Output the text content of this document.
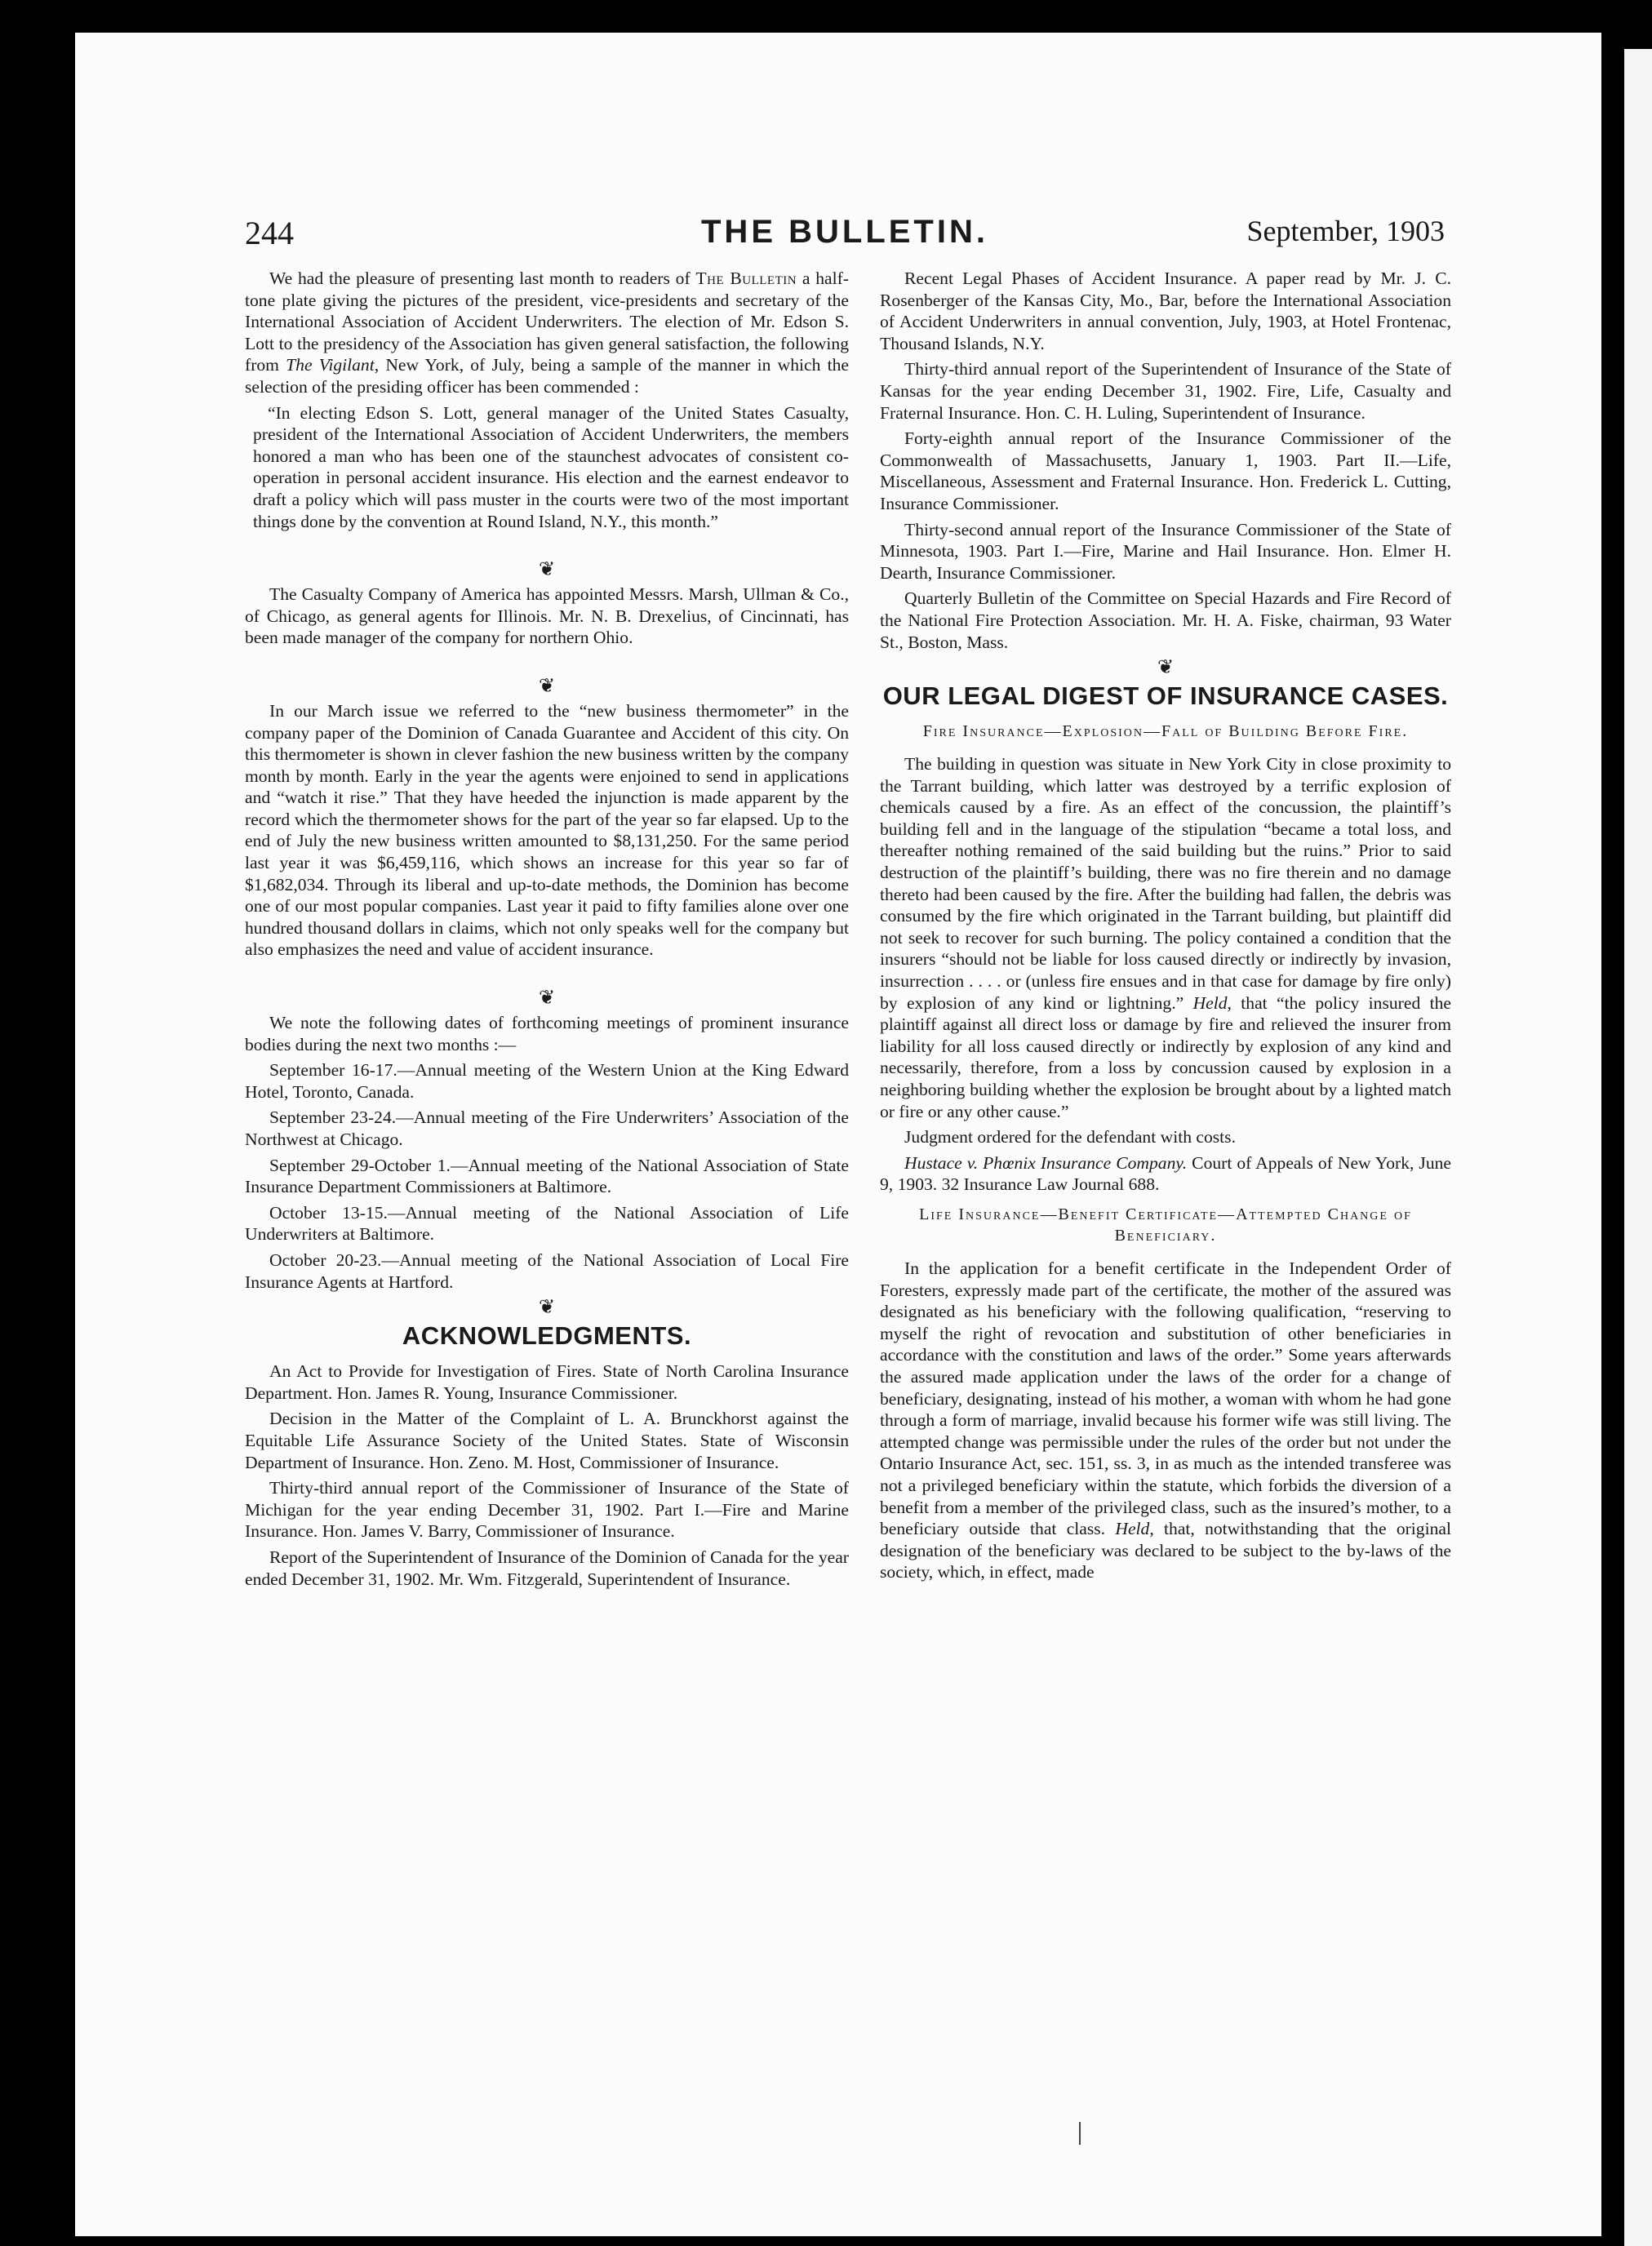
244	THE BULLETIN.	September, 1903

We had the pleasure of presenting last month to readers of The Bulletin a half-tone plate giving the pictures of the president, vice-presidents and secretary of the International Association of Accident Underwriters. The election of Mr. Edson S. Lott to the presidency of the Association has given general satisfaction, the following from The Vigilant, New York, of July, being a sample of the manner in which the selection of the presiding officer has been commended :

“In electing Edson S. Lott, general manager of the United States Casualty, president of the International Association of Accident Underwriters, the members honored a man who has been one of the staunchest advocates of consistent co-operation in personal accident insurance. His election and the earnest endeavor to draft a policy which will pass muster in the courts were two of the most important things done by the convention at Round Island, N.Y., this month.”

❦

The Casualty Company of America has appointed Messrs. Marsh, Ullman & Co., of Chicago, as general agents for Illinois. Mr. N. B. Drexelius, of Cincinnati, has been made manager of the company for northern Ohio.

❦

In our March issue we referred to the “new business thermometer” in the company paper of the Dominion of Canada Guarantee and Accident of this city. On this thermometer is shown in clever fashion the new business written by the company month by month. Early in the year the agents were enjoined to send in applications and “watch it rise.” That they have heeded the injunction is made apparent by the record which the thermometer shows for the part of the year so far elapsed. Up to the end of July the new business written amounted to $8,131,250. For the same period last year it was $6,459,116, which shows an increase for this year so far of $1,682,034. Through its liberal and up-to-date methods, the Dominion has become one of our most popular companies. Last year it paid to fifty families alone over one hundred thousand dollars in claims, which not only speaks well for the company but also emphasizes the need and value of accident insurance.

❦

We note the following dates of forthcoming meetings of prominent insurance bodies during the next two months :—

September 16-17.—Annual meeting of the Western Union at the King Edward Hotel, Toronto, Canada.

September 23-24.—Annual meeting of the Fire Underwriters’ Association of the Northwest at Chicago.

September 29-October 1.—Annual meeting of the National Association of State Insurance Department Commissioners at Baltimore.

October 13-15.—Annual meeting of the National Association of Life Underwriters at Baltimore.

October 20-23.—Annual meeting of the National Association of Local Fire Insurance Agents at Hartford.

❦
ACKNOWLEDGMENTS.

An Act to Provide for Investigation of Fires. State of North Carolina Insurance Department. Hon. James R. Young, Insurance Commissioner.

Decision in the Matter of the Complaint of L. A. Brunckhorst against the Equitable Life Assurance Society of the United States. State of Wisconsin Department of Insurance. Hon. Zeno. M. Host, Commissioner of Insurance.

Thirty-third annual report of the Commissioner of Insurance of the State of Michigan for the year ending December 31, 1902. Part I.—Fire and Marine Insurance. Hon. James V. Barry, Commissioner of Insurance.

Report of the Superintendent of Insurance of the Dominion of Canada for the year ended December 31, 1902. Mr. Wm. Fitzgerald, Superintendent of Insurance.

Recent Legal Phases of Accident Insurance. A paper read by Mr. J. C. Rosenberger of the Kansas City, Mo., Bar, before the International Association of Accident Underwriters in annual convention, July, 1903, at Hotel Frontenac, Thousand Islands, N.Y.

Thirty-third annual report of the Superintendent of Insurance of the State of Kansas for the year ending December 31, 1902. Fire, Life, Casualty and Fraternal Insurance. Hon. C. H. Luling, Superintendent of Insurance.

Forty-eighth annual report of the Insurance Commissioner of the Commonwealth of Massachusetts, January 1, 1903. Part II.—Life, Miscellaneous, Assessment and Fraternal Insurance. Hon. Frederick L. Cutting, Insurance Commissioner.

Thirty-second annual report of the Insurance Commissioner of the State of Minnesota, 1903. Part I.—Fire, Marine and Hail Insurance. Hon. Elmer H. Dearth, Insurance Commissioner.

Quarterly Bulletin of the Committee on Special Hazards and Fire Record of the National Fire Protection Association. Mr. H. A. Fiske, chairman, 93 Water St., Boston, Mass.

❦
OUR LEGAL DIGEST OF INSURANCE CASES.
Fire Insurance—Explosion—Fall of Building Before Fire.

The building in question was situate in New York City in close proximity to the Tarrant building, which latter was destroyed by a terrific explosion of chemicals caused by a fire. As an effect of the concussion, the plaintiff’s building fell and in the language of the stipulation “became a total loss, and thereafter nothing remained of the said building but the ruins.” Prior to said destruction of the plaintiff’s building, there was no fire therein and no damage thereto had been caused by the fire. After the building had fallen, the debris was consumed by the fire which originated in the Tarrant building, but plaintiff did not seek to recover for such burning. The policy contained a condition that the insurers “should not be liable for loss caused directly or indirectly by invasion, insurrection . . . . or (unless fire ensues and in that case for damage by fire only) by explosion of any kind or lightning.” Held, that “the policy insured the plaintiff against all direct loss or damage by fire and relieved the insurer from liability for all loss caused directly or indirectly by explosion of any kind and necessarily, therefore, from a loss by concussion caused by explosion in a neighboring building whether the explosion be brought about by a lighted match or fire or any other cause.”

Judgment ordered for the defendant with costs.

Hustace v. Phœnix Insurance Company. Court of Appeals of New York, June 9, 1903. 32 Insurance Law Journal 688.

Life Insurance—Benefit Certificate—Attempted Change of Beneficiary.

In the application for a benefit certificate in the Independent Order of Foresters, expressly made part of the certificate, the mother of the assured was designated as his beneficiary with the following qualification, “reserving to myself the right of revocation and substitution of other beneficiaries in accordance with the constitution and laws of the order.” Some years afterwards the assured made application under the laws of the order for a change of beneficiary, designating, instead of his mother, a woman with whom he had gone through a form of marriage, invalid because his former wife was still living. The attempted change was permissible under the rules of the order but not under the Ontario Insurance Act, sec. 151, ss. 3, in as much as the intended transferee was not a privileged beneficiary within the statute, which forbids the diversion of a benefit from a member of the privileged class, such as the insured’s mother, to a beneficiary outside that class. Held, that, notwithstanding that the original designation of the beneficiary was declared to be subject to the by-laws of the society, which, in effect, made
